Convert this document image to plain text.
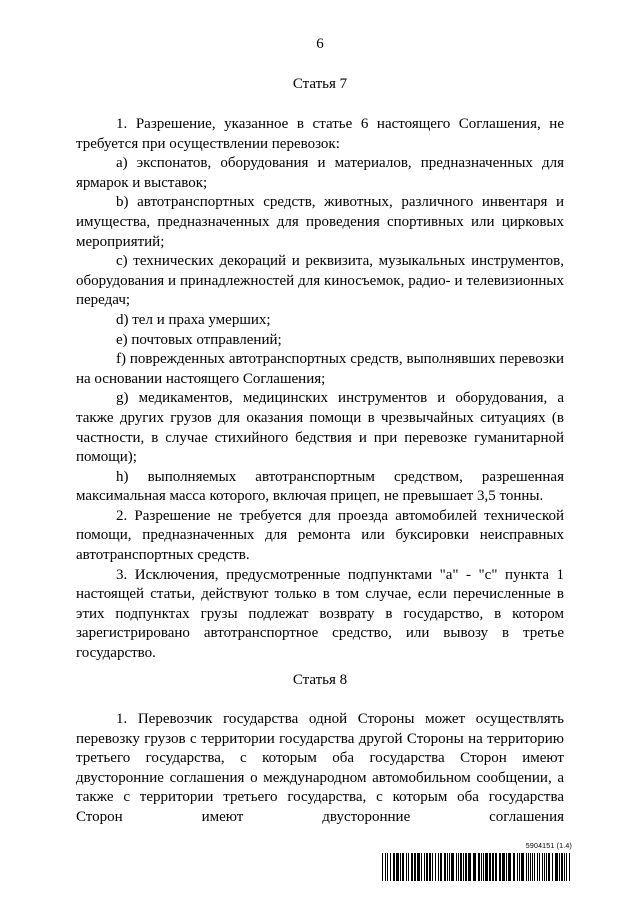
6
Статья 7

1. Разрешение, указанное в статье 6 настоящего Соглашения, не требуется при осуществлении перевозок:

a) экспонатов, оборудования и материалов, предназначенных для ярмарок и выставок;

b) автотранспортных средств, животных, различного инвентаря и имущества, предназначенных для проведения спортивных или цирковых мероприятий;

c) технических декораций и реквизита, музыкальных инструментов, оборудования и принадлежностей для киносъемок, радио- и телевизионных передач;

d) тел и праха умерших;

e) почтовых отправлений;

f) поврежденных автотранспортных средств, выполнявших перевозки на основании настоящего Соглашения;

g) медикаментов, медицинских инструментов и оборудования, а также других грузов для оказания помощи в чрезвычайных ситуациях (в частности, в случае стихийного бедствия и при перевозке гуманитарной помощи);

h) выполняемых автотранспортным средством, разрешенная максимальная масса которого, включая прицеп, не превышает 3,5 тонны.

2. Разрешение не требуется для проезда автомобилей технической помощи, предназначенных для ремонта или буксировки неисправных автотранспортных средств.

3. Исключения, предусмотренные подпунктами "а" - "с" пункта 1 настоящей статьи, действуют только в том случае, если перечисленные в этих подпунктах грузы подлежат возврату в государство, в котором зарегистрировано автотранспортное средство, или вывозу в третье государство.

Статья 8

1. Перевозчик государства одной Стороны может осуществлять перевозку грузов с территории государства другой Стороны на территорию третьего государства, с которым оба государства Сторон имеют двусторонние соглашения о международном автомобильном сообщении, а также с территории третьего государства, с которым оба государства Сторон имеют двусторонние соглашения

5904151 (1.4)
